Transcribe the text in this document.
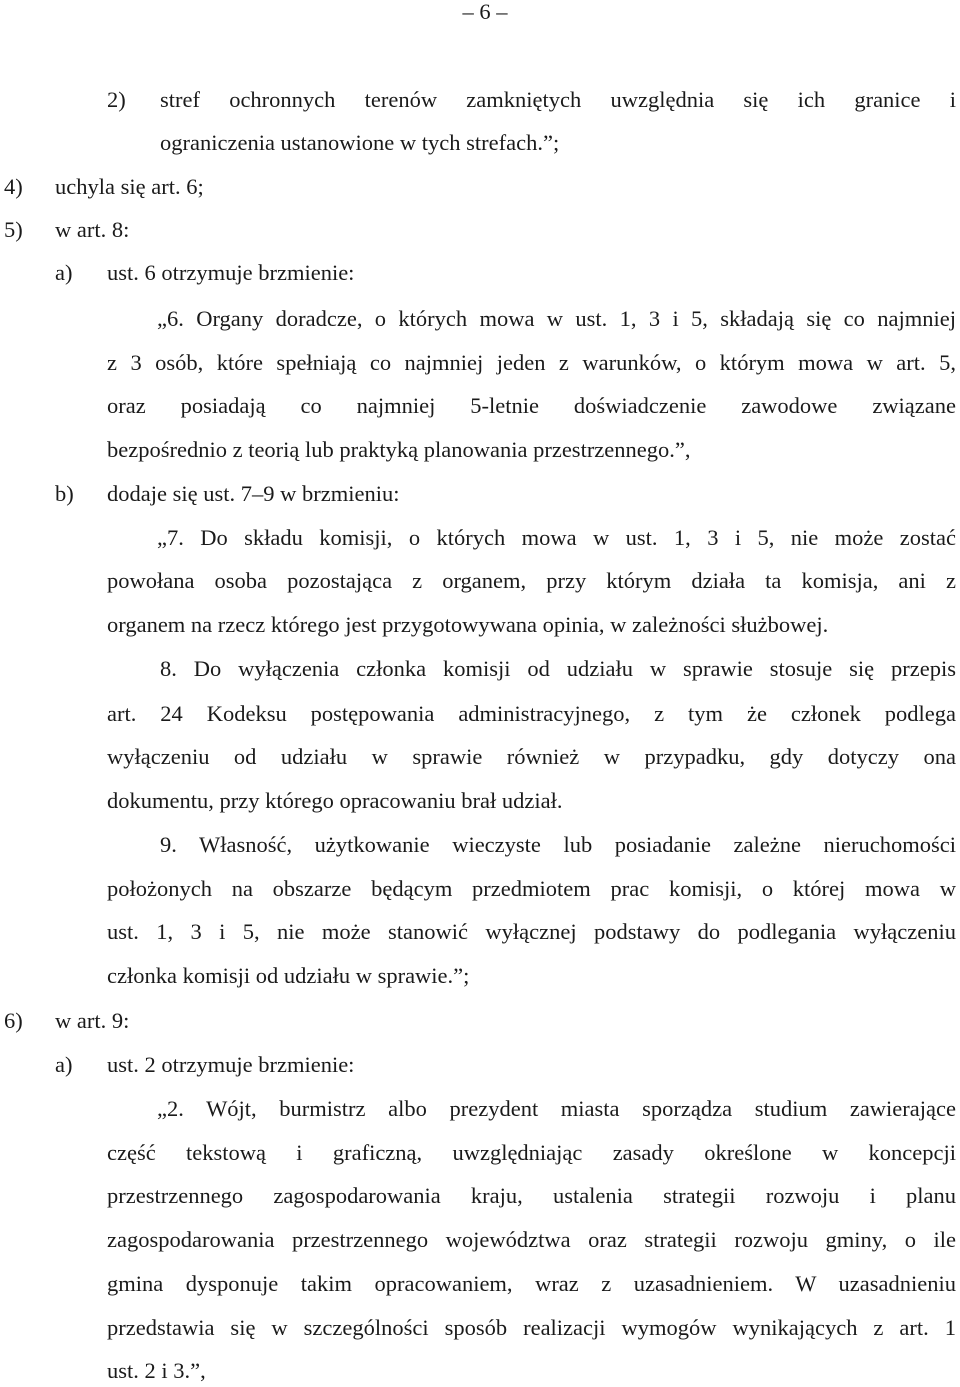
– 6 –
2) stref ochronnych terenów zamkniętych uwzględnia się ich granice i
ograniczenia ustanowione w tych strefach.”;
4) uchyla się art. 6;
5) w art. 8:
a) ust. 6 otrzymuje brzmienie:
„6. Organy doradcze, o których mowa w ust. 1, 3 i 5, składają się co najmniej
z 3 osób, które spełniają co najmniej jeden z warunków, o którym mowa w art. 5,
oraz posiadają co najmniej 5-letnie doświadczenie zawodowe związane
bezpośrednio z teorią lub praktyką planowania przestrzennego.”,
b) dodaje się ust. 7–9 w brzmieniu:
„7. Do składu komisji, o których mowa w ust. 1, 3 i 5, nie może zostać
powołana osoba pozostająca z organem, przy którym działa ta komisja, ani z
organem na rzecz którego jest przygotowywana opinia, w zależności służbowej.
8. Do wyłączenia członka komisji od udziału w sprawie stosuje się przepis
art. 24 Kodeksu postępowania administracyjnego, z tym że członek podlega
wyłączeniu od udziału w sprawie również w przypadku, gdy dotyczy ona
dokumentu, przy którego opracowaniu brał udział.
9. Własność, użytkowanie wieczyste lub posiadanie zależne nieruchomości
położonych na obszarze będącym przedmiotem prac komisji, o której mowa w
ust. 1, 3 i 5, nie może stanowić wyłącznej podstawy do podlegania wyłączeniu
członka komisji od udziału w sprawie.”;
6) w art. 9:
a) ust. 2 otrzymuje brzmienie:
„2. Wójt, burmistrz albo prezydent miasta sporządza studium zawierające
część tekstową i graficzną, uwzględniając zasady określone w koncepcji
przestrzennego zagospodarowania kraju, ustalenia strategii rozwoju i planu
zagospodarowania przestrzennego województwa oraz strategii rozwoju gminy, o ile
gmina dysponuje takim opracowaniem, wraz z uzasadnieniem. W uzasadnieniu
przedstawia się w szczególności sposób realizacji wymogów wynikających z art. 1
ust. 2 i 3.”,
